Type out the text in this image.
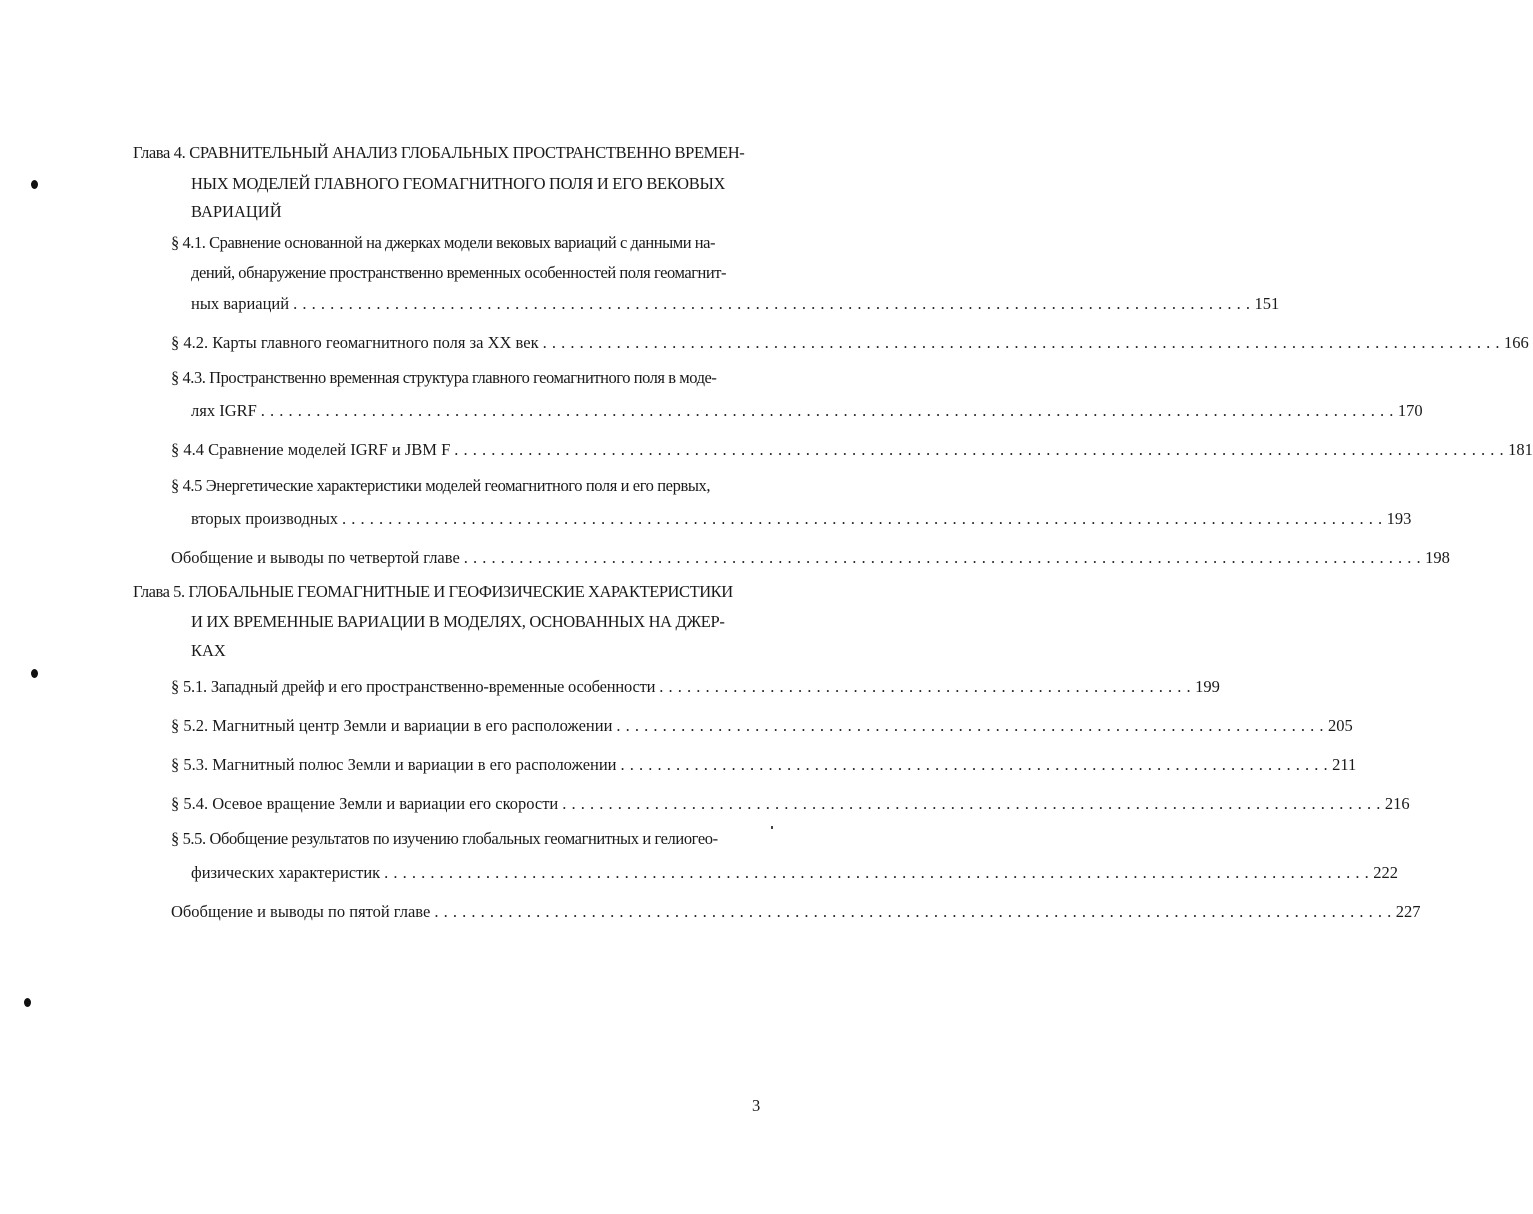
Глава 4. СРАВНИТЕЛЬНЫЙ АНАЛИЗ ГЛОБАЛЬНЫХ ПРОСТРАНСТВЕННО ВРЕМЕН-
НЫХ МОДЕЛЕЙ ГЛАВНОГО ГЕОМАГНИТНОГО ПОЛЯ И ЕГО ВЕКОВЫХ
ВАРИАЦИЙ
§ 4.1. Сравнение основанной на джерках модели вековых вариаций с данными на-
дений, обнаружение пространственно временных особенностей поля геомагнит-
ных вариаций . . . . . . . . . . . . . . . . . . . . . . . . . . . . . . . . . . . . . . . . . . . . . . . . . . . . . . . . . . . . . . . . . . . . . . . . . . . . . . . . . . . . . . . . . . . . . . . . . . . . . . . . 151
§ 4.2. Карты главного геомагнитного поля за XX век . . . . . . . . . . . . . . . . . . . . . . . . . . . . . . . . . . . . . . . . . . . . . . . . . . . . . . . . . . . . . . . . . . . . . . . . . . . . . . . . . . . . . . . . . . . . . . . . . . . . . . . . 166
§ 4.3. Пространственно временная структура главного геомагнитного поля в моде-
лях IGRF . . . . . . . . . . . . . . . . . . . . . . . . . . . . . . . . . . . . . . . . . . . . . . . . . . . . . . . . . . . . . . . . . . . . . . . . . . . . . . . . . . . . . . . . . . . . . . . . . . . . . . . . . . . . . . . . . . . . . . . . . . . 170
§ 4.4 Сравнение моделей IGRF и JBM F . . . . . . . . . . . . . . . . . . . . . . . . . . . . . . . . . . . . . . . . . . . . . . . . . . . . . . . . . . . . . . . . . . . . . . . . . . . . . . . . . . . . . . . . . . . . . . . . . . . . . . . . . . . . . . . . . . 181
§ 4.5 Энергетические характеристики моделей геомагнитного поля и его первых,
вторых производных . . . . . . . . . . . . . . . . . . . . . . . . . . . . . . . . . . . . . . . . . . . . . . . . . . . . . . . . . . . . . . . . . . . . . . . . . . . . . . . . . . . . . . . . . . . . . . . . . . . . . . . . . . . . . . . . . 193
Обобщение и выводы по четвертой главе . . . . . . . . . . . . . . . . . . . . . . . . . . . . . . . . . . . . . . . . . . . . . . . . . . . . . . . . . . . . . . . . . . . . . . . . . . . . . . . . . . . . . . . . . . . . . . . . . . . . . . . . 198
Глава 5. ГЛОБАЛЬНЫЕ ГЕОМАГНИТНЫЕ И ГЕОФИЗИЧЕСКИЕ ХАРАКТЕРИСТИКИ
И ИХ ВРЕМЕННЫЕ ВАРИАЦИИ В МОДЕЛЯХ, ОСНОВАННЫХ НА ДЖЕР-
КАХ
§ 5.1. Западный дрейф и его пространственно-временные особенности . . . . . . . . . . . . . . . . . . . . . . . . . . . . . . . . . . . . . . . . . . . . . . . . . . . . . . . . . . 199
§ 5.2. Магнитный центр Земли и вариации в его расположении . . . . . . . . . . . . . . . . . . . . . . . . . . . . . . . . . . . . . . . . . . . . . . . . . . . . . . . . . . . . . . . . . . . . . . . . . . . . . 205
§ 5.3. Магнитный полюс Земли и вариации в его расположении . . . . . . . . . . . . . . . . . . . . . . . . . . . . . . . . . . . . . . . . . . . . . . . . . . . . . . . . . . . . . . . . . . . . . . . . . . . . . 211
§ 5.4. Осевое вращение Земли и вариации его скорости . . . . . . . . . . . . . . . . . . . . . . . . . . . . . . . . . . . . . . . . . . . . . . . . . . . . . . . . . . . . . . . . . . . . . . . . . . . . . . . . . . . . . . . . . 216
§ 5.5. Обобщение результатов по изучению глобальных геомагнитных и гелиогео-
физических характеристик . . . . . . . . . . . . . . . . . . . . . . . . . . . . . . . . . . . . . . . . . . . . . . . . . . . . . . . . . . . . . . . . . . . . . . . . . . . . . . . . . . . . . . . . . . . . . . . . . . . . . . . . . . . 222
Обобщение и выводы по пятой главе . . . . . . . . . . . . . . . . . . . . . . . . . . . . . . . . . . . . . . . . . . . . . . . . . . . . . . . . . . . . . . . . . . . . . . . . . . . . . . . . . . . . . . . . . . . . . . . . . . . . . . . . 227
3
